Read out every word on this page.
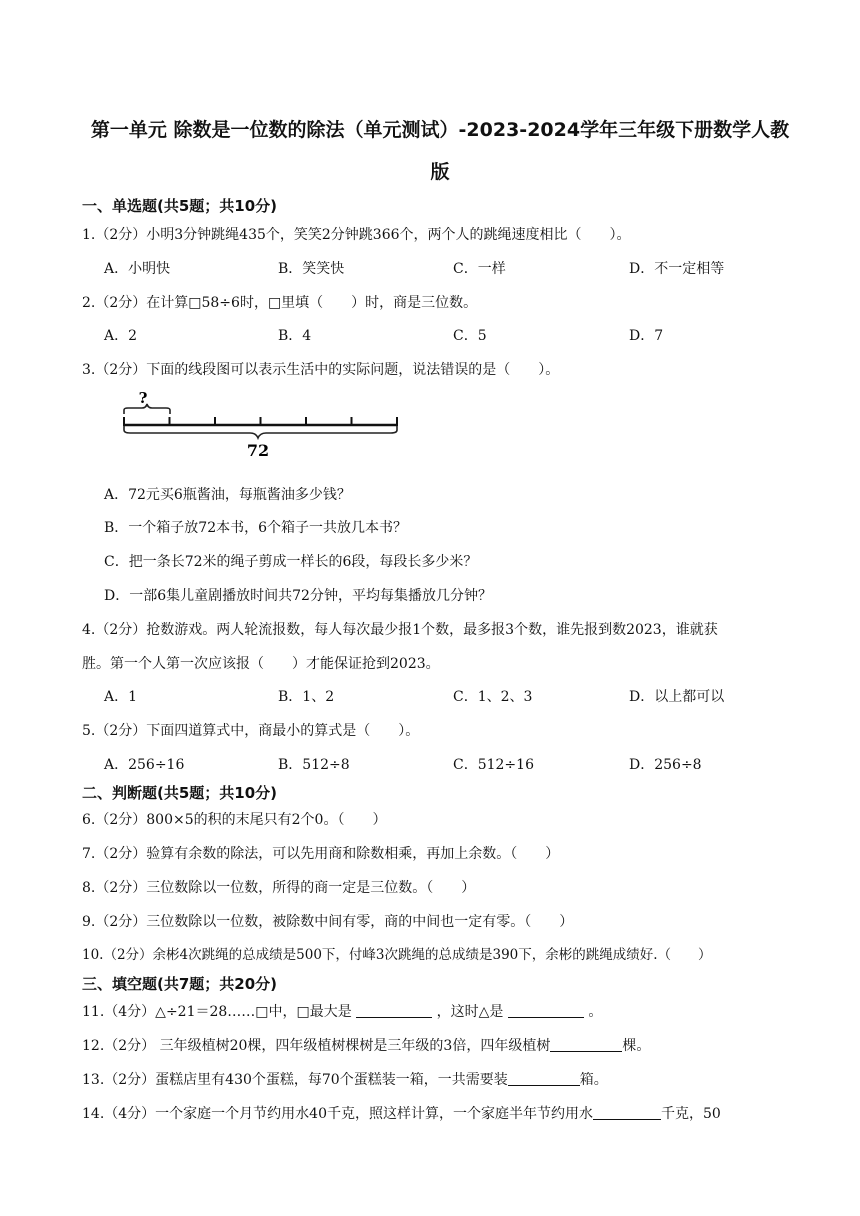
第一单元 除数是一位数的除法（单元测试）-2023-2024学年三年级下册数学人教
版
一、单选题(共5题；共10分)
1.（2分）小明3分钟跳绳435个，笑笑2分钟跳366个，两个人的跳绳速度相比（　　）。
A．小明快	B．笑笑快	C．一样	D．不一定相等
2.（2分）在计算□58÷6时，□里填（　　）时，商是三位数。
A．2	B．4	C．5	D．7
3.（2分）下面的线段图可以表示生活中的实际问题，说法错误的是（　　）。
?
72
A．72元买6瓶酱油，每瓶酱油多少钱？
B．一个箱子放72本书，6个箱子一共放几本书？
C．把一条长72米的绳子剪成一样长的6段，每段长多少米？
D．一部6集儿童剧播放时间共72分钟，平均每集播放几分钟？
4.（2分）抢数游戏。两人轮流报数，每人每次最少报1个数，最多报3个数，谁先报到数2023，谁就获
胜。第一个人第一次应该报（　　）才能保证抢到2023。
A．1	B．1、2	C．1、2、3	D．以上都可以
5.（2分）下面四道算式中，商最小的算式是（　　）。
A．256÷16	B．512÷8	C．512÷16	D．256÷8
二、判断题(共5题；共10分)
6.（2分）800×5的积的末尾只有2个0。（　　）
7.（2分）验算有余数的除法，可以先用商和除数相乘，再加上余数。（　　）
8.（2分）三位数除以一位数，所得的商一定是三位数。（　　）
9.（2分）三位数除以一位数，被除数中间有零，商的中间也一定有零。（　　）
10.（2分）余彬4次跳绳的总成绩是500下，付峰3次跳绳的总成绩是390下，余彬的跳绳成绩好.（　　）
三、填空题(共7题；共20分)
11.（4分）△÷21＝28……□中，□最大是	，这时△是	。
12.（2分） 三年级植树20棵，四年级植树棵树是三年级的3倍，四年级植树	棵。
13.（2分）蛋糕店里有430个蛋糕，每70个蛋糕装一箱，一共需要装	箱。
14.（4分）一个家庭一个月节约用水40千克，照这样计算，一个家庭半年节约用水	千克，50
